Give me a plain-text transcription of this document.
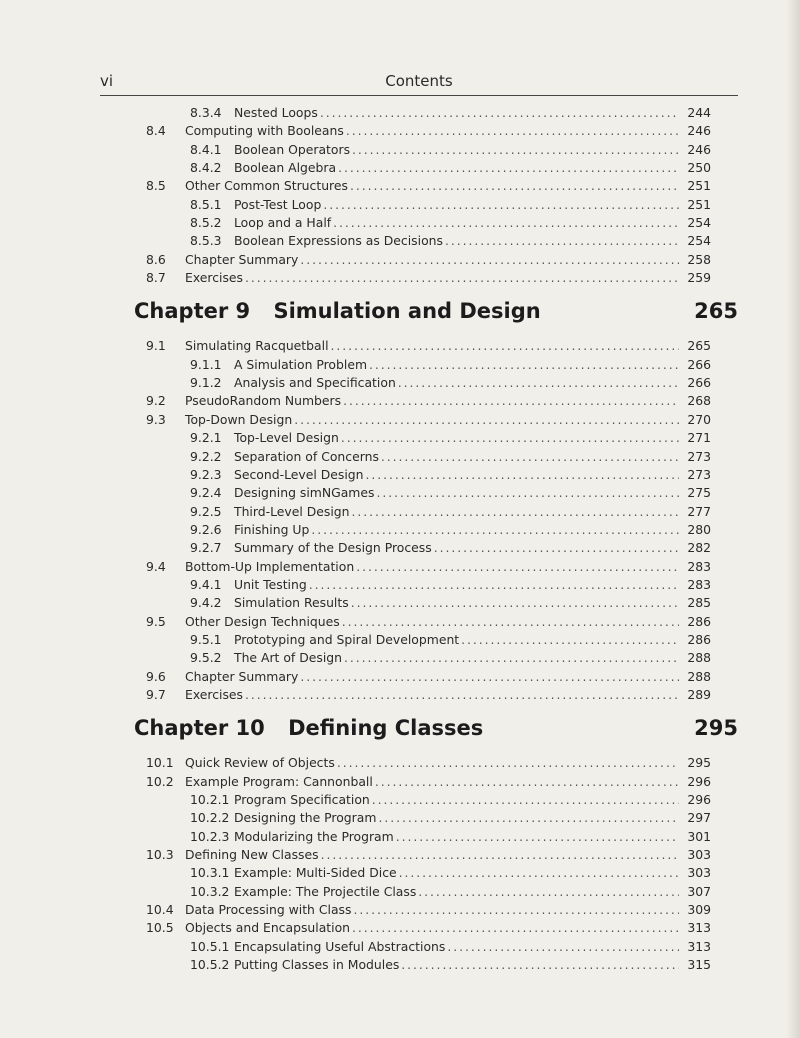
vi	Contents
8.3.4 Nested Loops . . .	244
8.4 Computing with Booleans . . .	246
8.4.1 Boolean Operators . . .	246
8.4.2 Boolean Algebra . . .	250
8.5 Other Common Structures . . .	251
8.5.1 Post-Test Loop . . .	251
8.5.2 Loop and a Half . . .	254
8.5.3 Boolean Expressions as Decisions . . .	254
8.6 Chapter Summary . . .	258
8.7 Exercises . . .	259
Chapter 9 Simulation and Design	265
9.1 Simulating Racquetball . . .	265
9.1.1 A Simulation Problem . . .	266
9.1.2 Analysis and Specification . . .	266
9.2 PseudoRandom Numbers . . .	268
9.3 Top-Down Design . . .	270
9.2.1 Top-Level Design . . .	271
9.2.2 Separation of Concerns . . .	273
9.2.3 Second-Level Design . . .	273
9.2.4 Designing simNGames . . .	275
9.2.5 Third-Level Design . . .	277
9.2.6 Finishing Up . . .	280
9.2.7 Summary of the Design Process . . .	282
9.4 Bottom-Up Implementation . . .	283
9.4.1 Unit Testing . . .	283
9.4.2 Simulation Results . . .	285
9.5 Other Design Techniques . . .	286
9.5.1 Prototyping and Spiral Development . . .	286
9.5.2 The Art of Design . . .	288
9.6 Chapter Summary . . .	288
9.7 Exercises . . .	289
Chapter 10 Defining Classes	295
10.1 Quick Review of Objects . . .	295
10.2 Example Program: Cannonball . . .	296
10.2.1 Program Specification . . .	296
10.2.2 Designing the Program . . .	297
10.2.3 Modularizing the Program . . .	301
10.3 Defining New Classes . . .	303
10.3.1 Example: Multi-Sided Dice . . .	303
10.3.2 Example: The Projectile Class . . .	307
10.4 Data Processing with Class . . .	309
10.5 Objects and Encapsulation . . .	313
10.5.1 Encapsulating Useful Abstractions . . .	313
10.5.2 Putting Classes in Modules . . .	315
